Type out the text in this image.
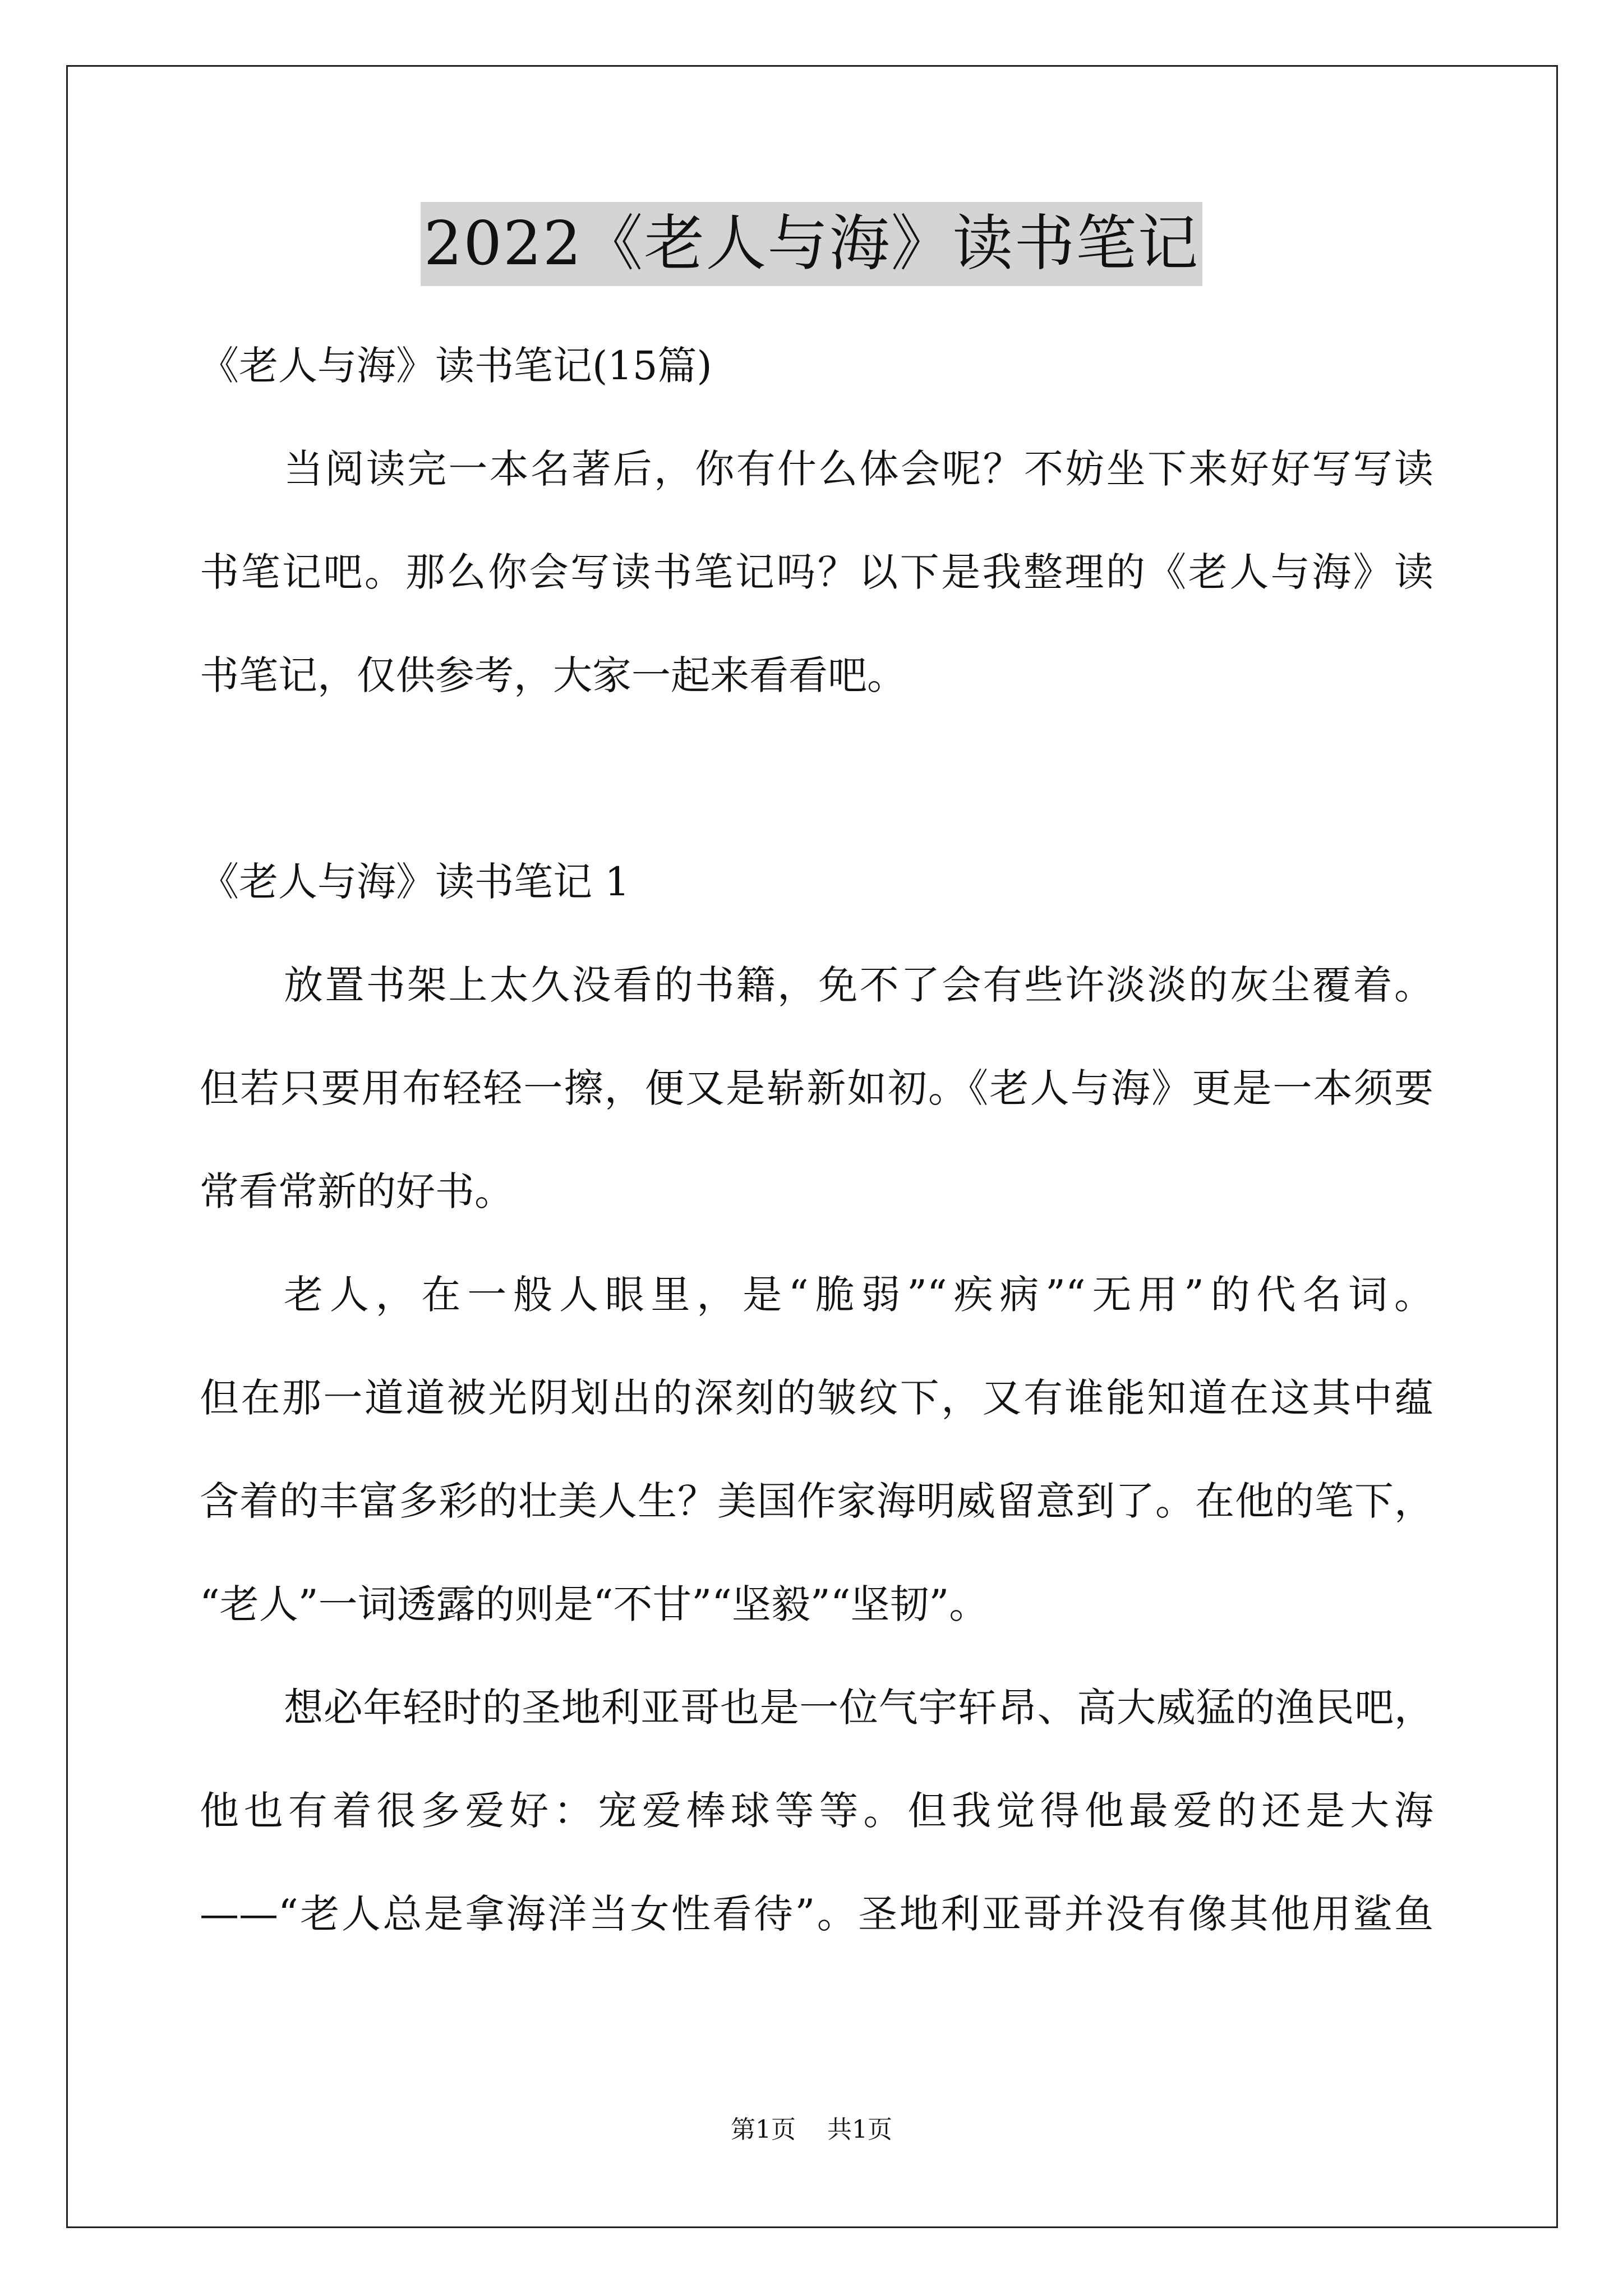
2022《老人与海》读书笔记
《老人与海》读书笔记(15篇)
当阅读完一本名著后，你有什么体会呢？不妨坐下来好好写写读
书笔记吧。那么你会写读书笔记吗？以下是我整理的《老人与海》读
书笔记，仅供参考，大家一起来看看吧。
《老人与海》读书笔记 1
放置书架上太久没看的书籍，免不了会有些许淡淡的灰尘覆着。
但若只要用布轻轻一擦，便又是崭新如初。《老人与海》更是一本须要
常看常新的好书。
老人，在一般人眼里，是“脆弱”“疾病”“无用”的代名词。
但在那一道道被光阴划出的深刻的皱纹下，又有谁能知道在这其中蕴
含着的丰富多彩的壮美人生？美国作家海明威留意到了。在他的笔下，
“老人”一词透露的则是“不甘”“坚毅”“坚韧”。
想必年轻时的圣地利亚哥也是一位气宇轩昂、高大威猛的渔民吧，
他也有着很多爱好：宠爱棒球等等。但我觉得他最爱的还是大海
——“老人总是拿海洋当女性看待”。圣地利亚哥并没有像其他用鲨鱼
第1页 共1页
